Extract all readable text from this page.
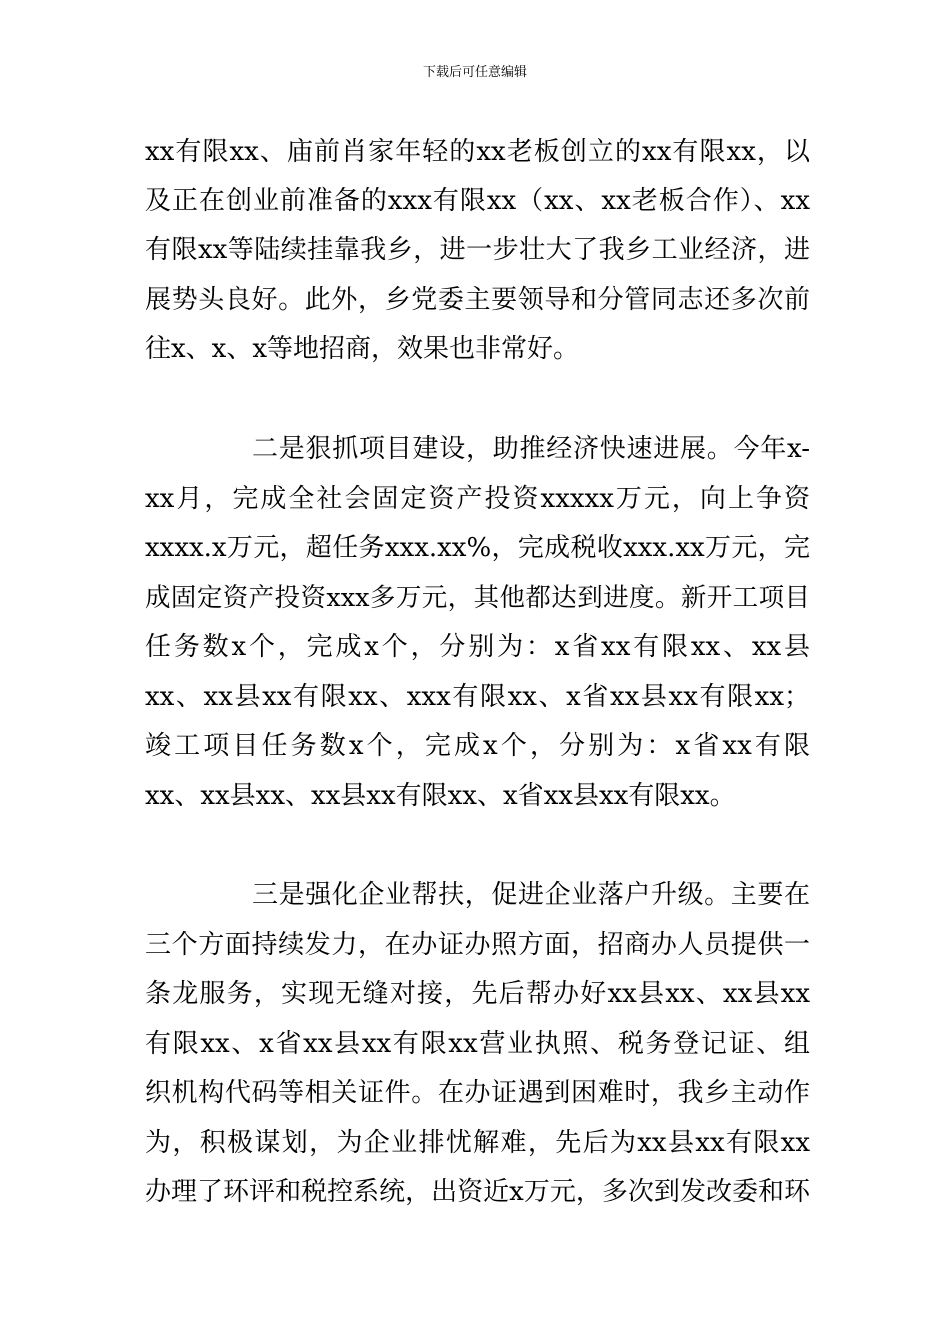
下载后可任意编辑
xx有限xx、庙前肖家年轻的xx老板创立的xx有限xx，以
及正在创业前准备的xxx有限xx（xx、xx老板合作）、xx
有限xx等陆续挂靠我乡，进一步壮大了我乡工业经济，进
展势头良好。此外，乡党委主要领导和分管同志还多次前
往x、x、x等地招商，效果也非常好。
二是狠抓项目建设，助推经济快速进展。今年x-
xx月，完成全社会固定资产投资xxxxx万元，向上争资
xxxx.x万元，超任务xxx.xx%，完成税收xxx.xx万元，完
成固定资产投资xxx多万元，其他都达到进度。新开工项目
任务数x个，完成x个，分别为：x省xx有限xx、xx县
xx、xx县xx有限xx、xxx有限xx、x省xx县xx有限xx；
竣工项目任务数x个，完成x个，分别为：x省xx有限
xx、xx县xx、xx县xx有限xx、x省xx县xx有限xx。
三是强化企业帮扶，促进企业落户升级。主要在
三个方面持续发力，在办证办照方面，招商办人员提供一
条龙服务，实现无缝对接，先后帮办好xx县xx、xx县xx
有限xx、x省xx县xx有限xx营业执照、税务登记证、组
织机构代码等相关证件。在办证遇到困难时，我乡主动作
为，积极谋划，为企业排忧解难，先后为xx县xx有限xx
办理了环评和税控系统，出资近x万元，多次到发改委和环
